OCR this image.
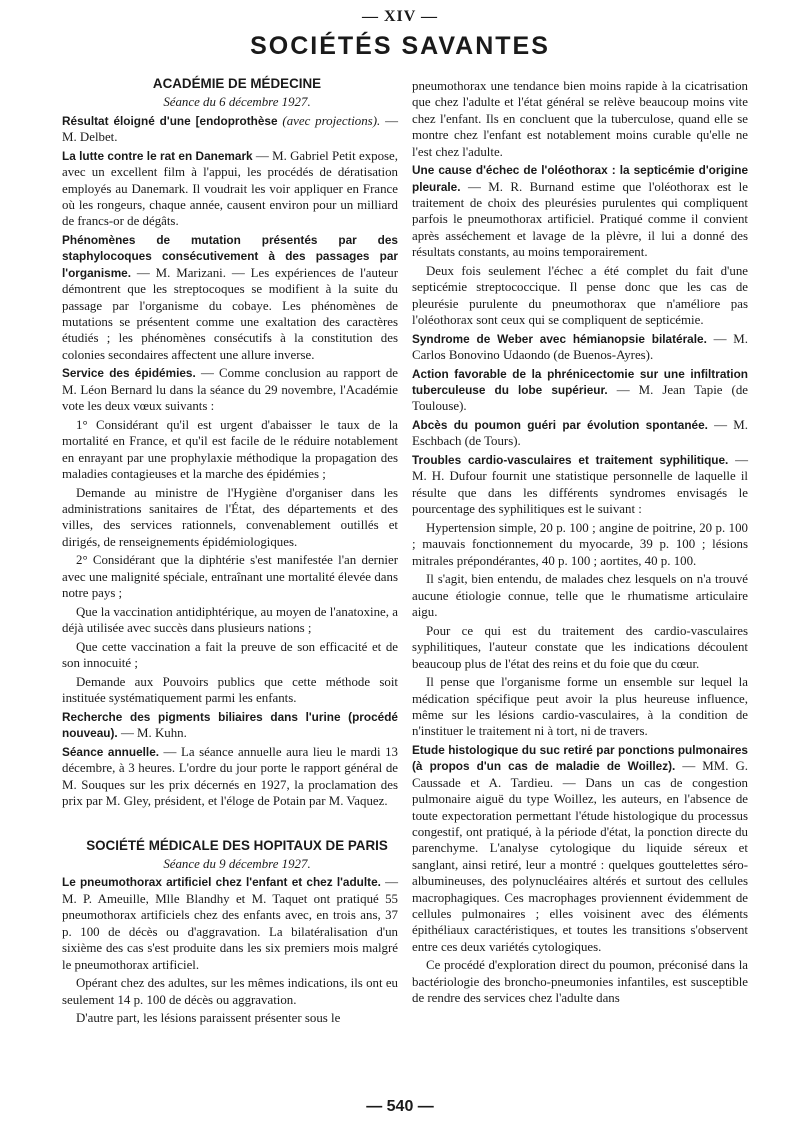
— XIV —
SOCIÉTÉS SAVANTES

ACADÉMIE DE MÉDECINE

Séance du 6 décembre 1927.

Résultat éloigné d'une [endoprothèse (avec projections). — M. Delbet.

La lutte contre le rat en Danemark — M. Gabriel Petit expose, avec un excellent film à l'appui, les procédés de dératisation employés au Danemark. Il voudrait les voir appliquer en France où les rongeurs, chaque année, causent environ pour un milliard de francs-or de dégâts.

Phénomènes de mutation présentés par des staphylocoques consécutivement à des passages par l'organisme. — M. Marizani. — Les expériences de l'auteur démontrent que les streptocoques se modifient à la suite du passage par l'organisme du cobaye. Les phénomènes de mutations se présentent comme une exaltation des caractères étudiés ; les phénomènes consécutifs à la constitution des colonies secondaires affectent une allure inverse.

Service des épidémies. — Comme conclusion au rapport de M. Léon Bernard lu dans la séance du 29 novembre, l'Académie vote les deux vœux suivants :

1° Considérant qu'il est urgent d'abaisser le taux de la mortalité en France, et qu'il est facile de le réduire notablement en enrayant par une prophylaxie méthodique la propagation des maladies contagieuses et la marche des épidémies ;

Demande au ministre de l'Hygiène d'organiser dans les administrations sanitaires de l'État, des départements et des villes, des services rationnels, convenablement outillés et dirigés, de renseignements épidémiologiques.

2° Considérant que la diphtérie s'est manifestée l'an dernier avec une malignité spéciale, entraînant une mortalité élevée dans notre pays ;

Que la vaccination antidiphtérique, au moyen de l'anatoxine, a déjà utilisée avec succès dans plusieurs nations ;

Que cette vaccination a fait la preuve de son efficacité et de son innocuité ;

Demande aux Pouvoirs publics que cette méthode soit instituée systématiquement parmi les enfants.

Recherche des pigments biliaires dans l'urine (procédé nouveau). — M. Kuhn.

Séance annuelle. — La séance annuelle aura lieu le mardi 13 décembre, à 3 heures. L'ordre du jour porte le rapport général de M. Souques sur les prix décernés en 1927, la proclamation des prix par M. Gley, président, et l'éloge de Potain par M. Vaquez.

SOCIÉTÉ MÉDICALE DES HOPITAUX DE PARIS

Séance du 9 décembre 1927.

Le pneumothorax artificiel chez l'enfant et chez l'adulte. — M. P. Ameuille, Mlle Blandhy et M. Taquet ont pratiqué 55 pneumothorax artificiels chez des enfants avec, en trois ans, 37 p. 100 de décès ou d'aggravation. La bilatéralisation d'un sixième des cas s'est produite dans les six premiers mois malgré le pneumothorax artificiel.

Opérant chez des adultes, sur les mêmes indications, ils ont eu seulement 14 p. 100 de décès ou aggravation.

D'autre part, les lésions paraissent présenter sous le

pneumothorax une tendance bien moins rapide à la cicatrisation que chez l'adulte et l'état général se relève beaucoup moins vite chez l'enfant. Ils en concluent que la tuberculose, quand elle se montre chez l'enfant est notablement moins curable qu'elle ne l'est chez l'adulte.

Une cause d'échec de l'oléothorax : la septicémie d'origine pleurale. — M. R. Burnand estime que l'oléothorax est le traitement de choix des pleurésies purulentes qui compliquent parfois le pneumothorax artificiel. Pratiqué comme il convient après asséchement et lavage de la plèvre, il lui a donné des résultats constants, au moins temporairement.

Deux fois seulement l'échec a été complet du fait d'une septicémie streptococcique. Il pense donc que les cas de pleurésie purulente du pneumothorax que n'améliore pas l'oléothorax sont ceux qui se compliquent de septicémie.

Syndrome de Weber avec hémianopsie bilatérale. — M. Carlos Bonovino Udaondo (de Buenos-Ayres).

Action favorable de la phrénicectomie sur une infiltration tuberculeuse du lobe supérieur. — M. Jean Tapie (de Toulouse).

Abcès du poumon guéri par évolution spontanée. — M. Eschbach (de Tours).

Troubles cardio-vasculaires et traitement syphilitique. — M. H. Dufour fournit une statistique personnelle de laquelle il résulte que dans les différents syndromes envisagés le pourcentage des syphilitiques est le suivant :

Hypertension simple, 20 p. 100 ; angine de poitrine, 20 p. 100 ; mauvais fonctionnement du myocarde, 39 p. 100 ; lésions mitrales prépondérantes, 40 p. 100 ; aortites, 40 p. 100.

Il s'agit, bien entendu, de malades chez lesquels on n'a trouvé aucune étiologie connue, telle que le rhumatisme articulaire aigu.

Pour ce qui est du traitement des cardio-vasculaires syphilitiques, l'auteur constate que les indications découlent beaucoup plus de l'état des reins et du foie que du cœur.

Il pense que l'organisme forme un ensemble sur lequel la médication spécifique peut avoir la plus heureuse influence, même sur les lésions cardio-vasculaires, à la condition de n'instituer le traitement ni à tort, ni de travers.

Etude histologique du suc retiré par ponctions pulmonaires (à propos d'un cas de maladie de Woillez). — MM. G. Caussade et A. Tardieu. — Dans un cas de congestion pulmonaire aiguë du type Woillez, les auteurs, en l'absence de toute expectoration permettant l'étude histologique du processus congestif, ont pratiqué, à la période d'état, la ponction directe du parenchyme. L'analyse cytologique du liquide séreux et sanglant, ainsi retiré, leur a montré : quelques gouttelettes séro-albumineuses, des polynucléaires altérés et surtout des cellules macrophagiques. Ces macrophages proviennent évidemment de cellules pulmonaires ; elles voisinent avec des éléments épithéliaux caractéristiques, et toutes les transitions s'observent entre ces deux variétés cytologiques.

Ce procédé d'exploration direct du poumon, préconisé dans la bactériologie des broncho-pneumonies infantiles, est susceptible de rendre des services chez l'adulte dans

— 540 —
